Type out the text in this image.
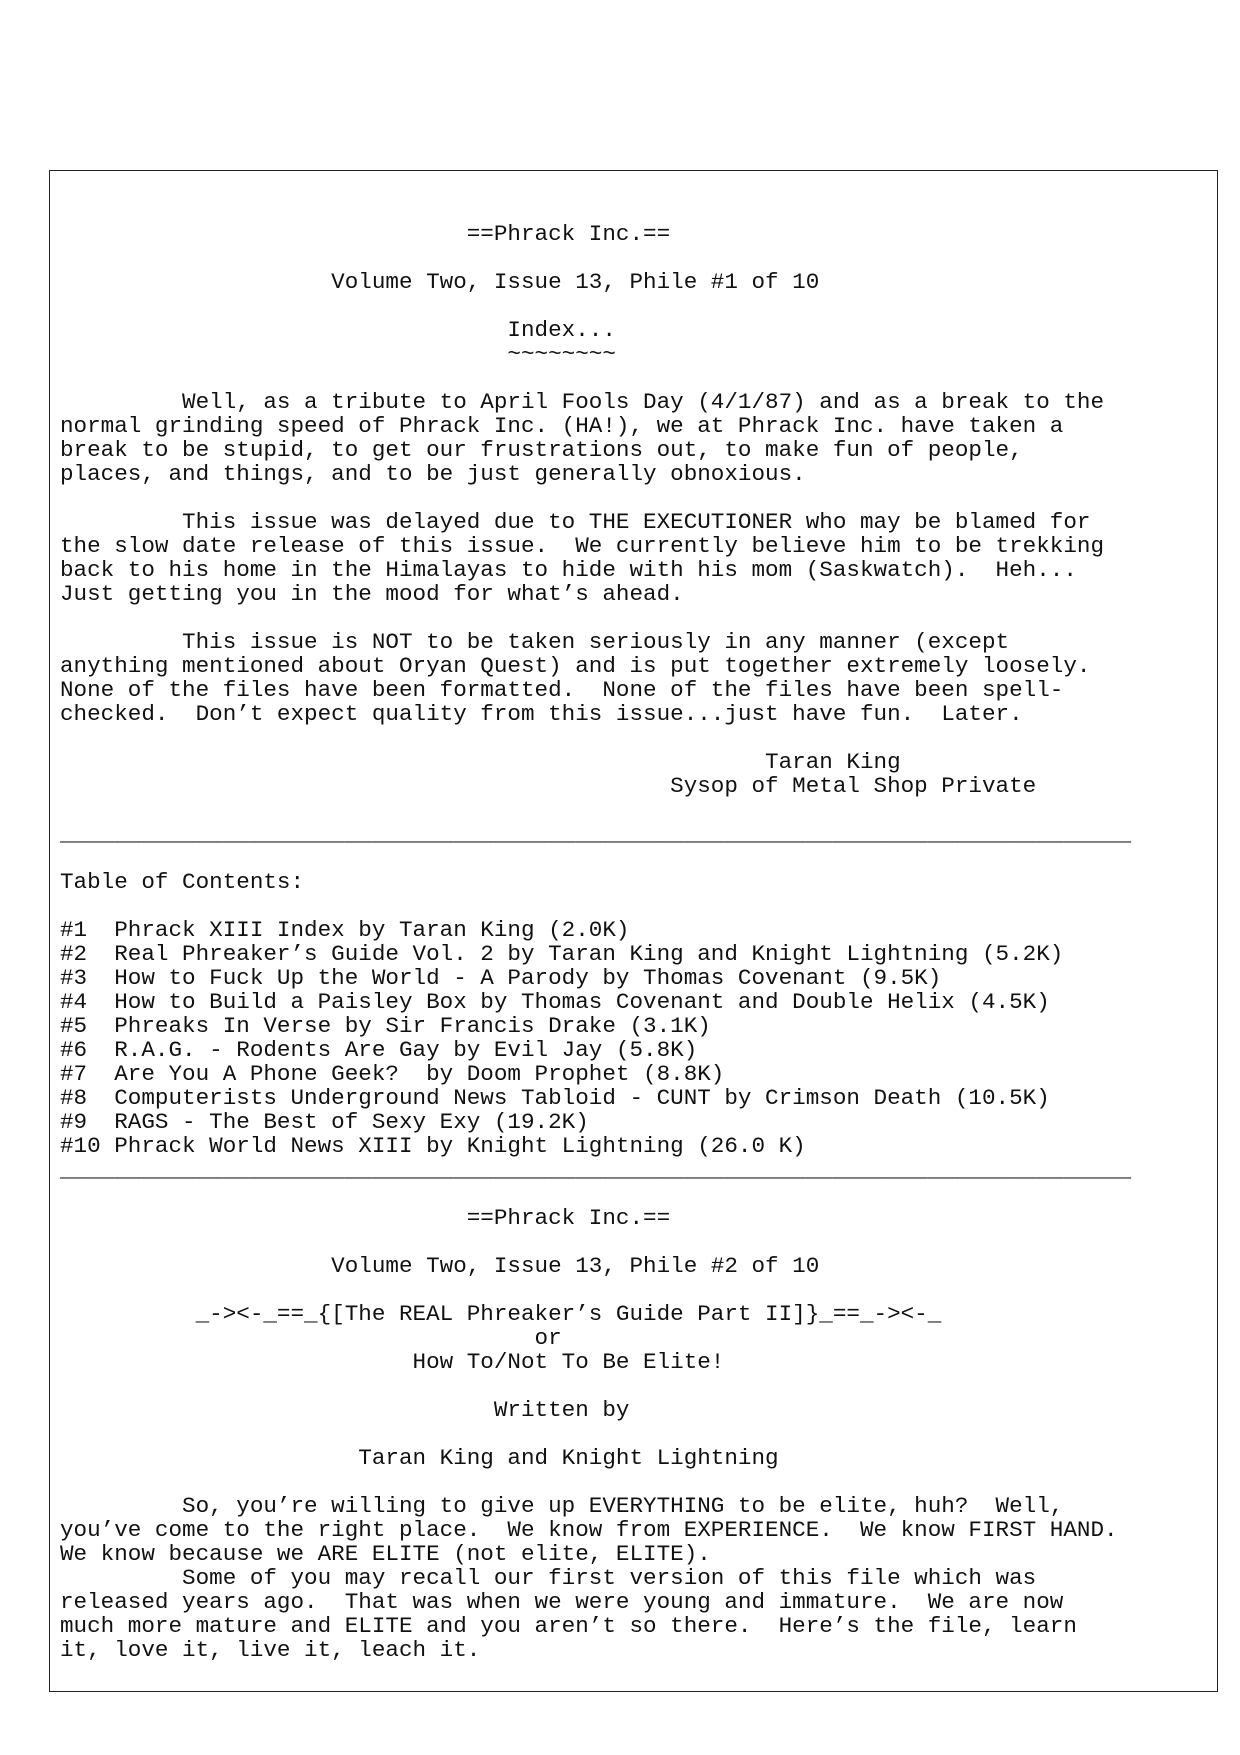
==Phrack Inc.==
Volume Two, Issue 13, Phile #1 of 10
Index...
~~~~~~~~
Well, as a tribute to April Fools Day (4/1/87) and as a break to the
normal grinding speed of Phrack Inc. (HA!), we at Phrack Inc. have taken a
break to be stupid, to get our frustrations out, to make fun of people,
places, and things, and to be just generally obnoxious.
This issue was delayed due to THE EXECUTIONER who may be blamed for
the slow date release of this issue.  We currently believe him to be trekking
back to his home in the Himalayas to hide with his mom (Saskwatch).  Heh...
Just getting you in the mood for what’s ahead.
This issue is NOT to be taken seriously in any manner (except
anything mentioned about Oryan Quest) and is put together extremely loosely.
None of the files have been formatted.  None of the files have been spell-
checked.  Don’t expect quality from this issue...just have fun.  Later.
Taran King
Sysop of Metal Shop Private
_______________________________________________________________________________
Table of Contents:
#1  Phrack XIII Index by Taran King (2.0K)
#2  Real Phreaker’s Guide Vol. 2 by Taran King and Knight Lightning (5.2K)
#3  How to Fuck Up the World - A Parody by Thomas Covenant (9.5K)
#4  How to Build a Paisley Box by Thomas Covenant and Double Helix (4.5K)
#5  Phreaks In Verse by Sir Francis Drake (3.1K)
#6  R.A.G. - Rodents Are Gay by Evil Jay (5.8K)
#7  Are You A Phone Geek?  by Doom Prophet (8.8K)
#8  Computerists Underground News Tabloid - CUNT by Crimson Death (10.5K)
#9  RAGS - The Best of Sexy Exy (19.2K)
#10 Phrack World News XIII by Knight Lightning (26.0 K)
_______________________________________________________________________________
==Phrack Inc.==
Volume Two, Issue 13, Phile #2 of 10
_-><-_==_{[The REAL Phreaker’s Guide Part II]}_==_-><-_
or
How To/Not To Be Elite!
Written by
Taran King and Knight Lightning
So, you’re willing to give up EVERYTHING to be elite, huh?  Well,
you’ve come to the right place.  We know from EXPERIENCE.  We know FIRST HAND.
We know because we ARE ELITE (not elite, ELITE).
Some of you may recall our first version of this file which was
released years ago.  That was when we were young and immature.  We are now
much more mature and ELITE and you aren’t so there.  Here’s the file, learn
it, love it, live it, leach it.
